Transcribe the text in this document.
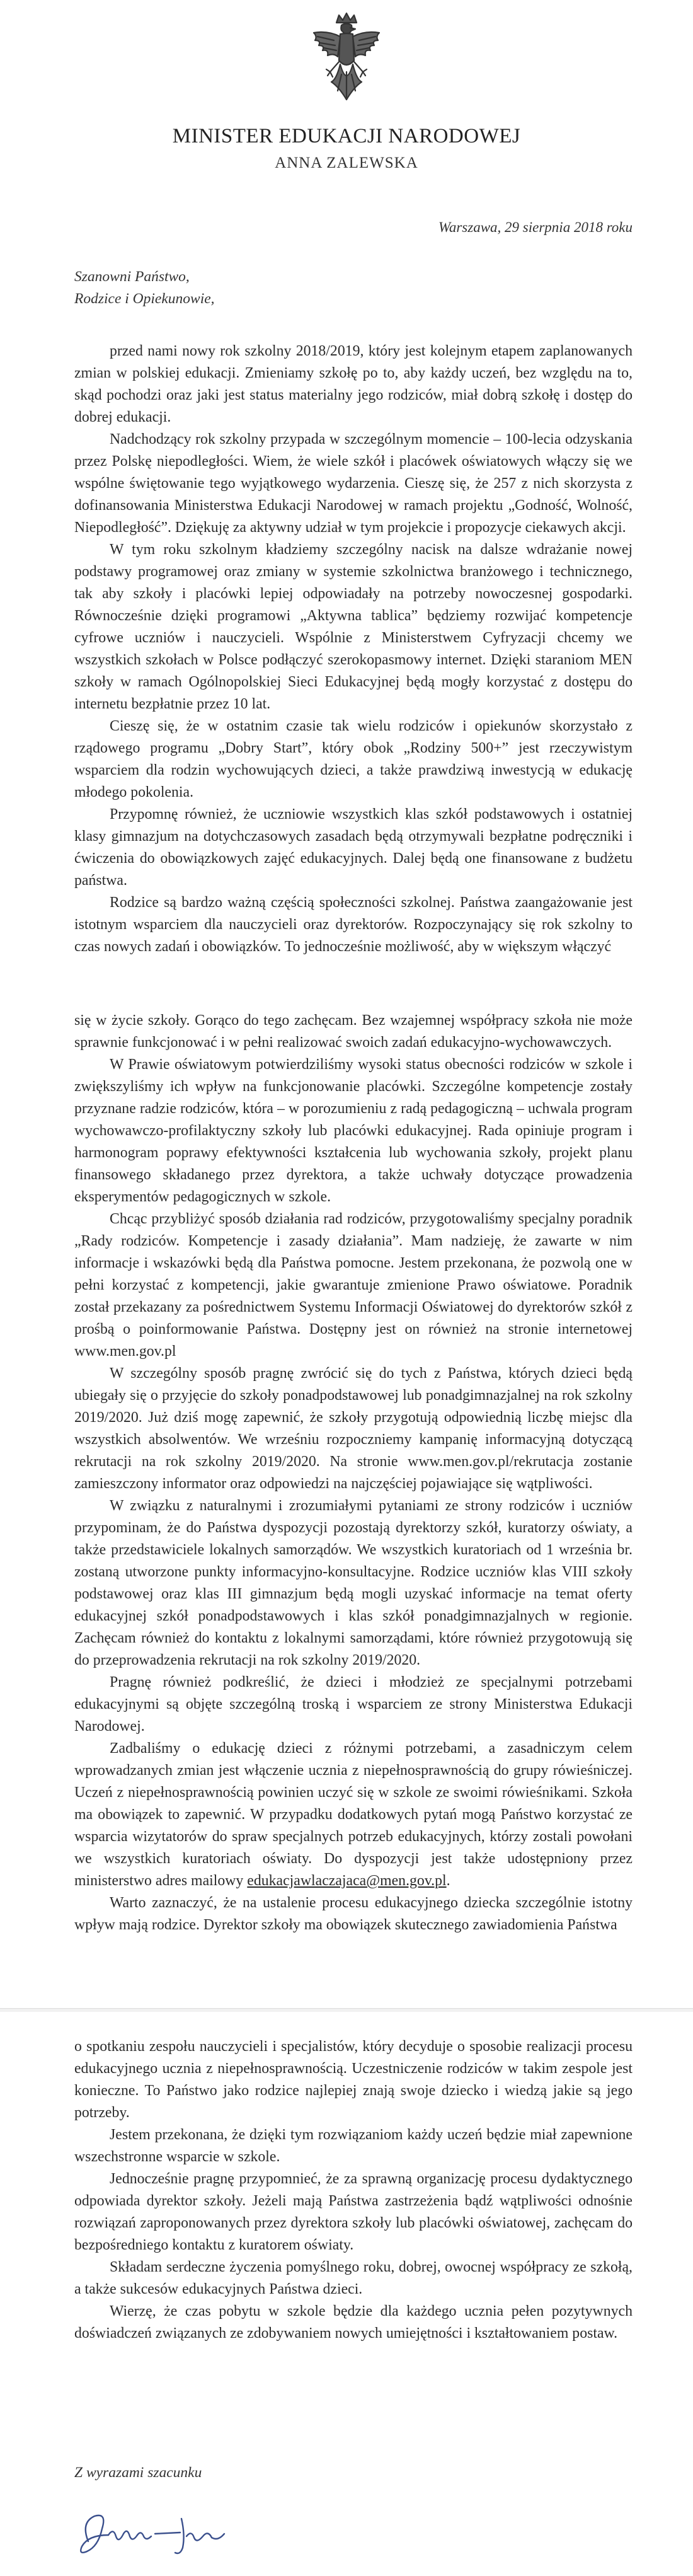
MINISTER EDUKACJI NARODOWEJ
ANNA ZALEWSKA
Warszawa, 29 sierpnia 2018 roku
Szanowni Państwo,
Rodzice i Opiekunowie,

przed nami nowy rok szkolny 2018/2019, który jest kolejnym etapem zaplanowanych zmian w polskiej edukacji. Zmieniamy szkołę po to, aby każdy uczeń, bez względu na to, skąd pochodzi oraz jaki jest status materialny jego rodziców, miał dobrą szkołę i dostęp do dobrej edukacji.

Nadchodzący rok szkolny przypada w szczególnym momencie – 100-lecia odzyskania przez Polskę niepodległości. Wiem, że wiele szkół i placówek oświatowych włączy się we wspólne świętowanie tego wyjątkowego wydarzenia. Cieszę się, że 257 z nich skorzysta z dofinansowania Ministerstwa Edukacji Narodowej w ramach projektu „Godność, Wolność, Niepodległość”. Dziękuję za aktywny udział w tym projekcie i propozycje ciekawych akcji.

W tym roku szkolnym kładziemy szczególny nacisk na dalsze wdrażanie nowej podstawy programowej oraz zmiany w systemie szkolnictwa branżowego i technicznego, tak aby szkoły i placówki lepiej odpowiadały na potrzeby nowoczesnej gospodarki. Równocześnie dzięki programowi „Aktywna tablica” będziemy rozwijać kompetencje cyfrowe uczniów i nauczycieli. Wspólnie z Ministerstwem Cyfryzacji chcemy we wszystkich szkołach w Polsce podłączyć szerokopasmowy internet. Dzięki staraniom MEN szkoły w ramach Ogólnopolskiej Sieci Edukacyjnej będą mogły korzystać z dostępu do internetu bezpłatnie przez 10 lat.

Cieszę się, że w ostatnim czasie tak wielu rodziców i opiekunów skorzystało z rządowego programu „Dobry Start”, który obok „Rodziny 500+” jest rzeczywistym wsparciem dla rodzin wychowujących dzieci, a także prawdziwą inwestycją w edukację młodego pokolenia.

Przypomnę również, że uczniowie wszystkich klas szkół podstawowych i ostatniej klasy gimnazjum na dotychczasowych zasadach będą otrzymywali bezpłatne podręczniki i ćwiczenia do obowiązkowych zajęć edukacyjnych. Dalej będą one finansowane z budżetu państwa.

Rodzice są bardzo ważną częścią społeczności szkolnej. Państwa zaangażowanie jest istotnym wsparciem dla nauczycieli oraz dyrektorów. Rozpoczynający się rok szkolny to czas nowych zadań i obowiązków. To jednocześnie możliwość, aby w większym włączyć

się w życie szkoły. Gorąco do tego zachęcam. Bez wzajemnej współpracy szkoła nie może sprawnie funkcjonować i w pełni realizować swoich zadań edukacyjno-wychowawczych.

W Prawie oświatowym potwierdziliśmy wysoki status obecności rodziców w szkole i zwiększyliśmy ich wpływ na funkcjonowanie placówki. Szczególne kompetencje zostały przyznane radzie rodziców, która – w porozumieniu z radą pedagogiczną – uchwala program wychowawczo-profilaktyczny szkoły lub placówki edukacyjnej. Rada opiniuje program i harmonogram poprawy efektywności kształcenia lub wychowania szkoły, projekt planu finansowego składanego przez dyrektora, a także uchwały dotyczące prowadzenia eksperymentów pedagogicznych w szkole.

Chcąc przybliżyć sposób działania rad rodziców, przygotowaliśmy specjalny poradnik „Rady rodziców. Kompetencje i zasady działania”. Mam nadzieję, że zawarte w nim informacje i wskazówki będą dla Państwa pomocne. Jestem przekonana, że pozwolą one w pełni korzystać z kompetencji, jakie gwarantuje zmienione Prawo oświatowe. Poradnik został przekazany za pośrednictwem Systemu Informacji Oświatowej do dyrektorów szkół z prośbą o poinformowanie Państwa. Dostępny jest on również na stronie internetowej www.men.gov.pl

W szczególny sposób pragnę zwrócić się do tych z Państwa, których dzieci będą ubiegały się o przyjęcie do szkoły ponadpodstawowej lub ponadgimnazjalnej na rok szkolny 2019/2020. Już dziś mogę zapewnić, że szkoły przygotują odpowiednią liczbę miejsc dla wszystkich absolwentów. We wrześniu rozpoczniemy kampanię informacyjną dotyczącą rekrutacji na rok szkolny 2019/2020. Na stronie www.men.gov.pl/rekrutacja zostanie zamieszczony informator oraz odpowiedzi na najczęściej pojawiające się wątpliwości.

W związku z naturalnymi i zrozumiałymi pytaniami ze strony rodziców i uczniów przypominam, że do Państwa dyspozycji pozostają dyrektorzy szkół, kuratorzy oświaty, a także przedstawiciele lokalnych samorządów. We wszystkich kuratoriach od 1 września br. zostaną utworzone punkty informacyjno-konsultacyjne. Rodzice uczniów klas VIII szkoły podstawowej oraz klas III gimnazjum będą mogli uzyskać informacje na temat oferty edukacyjnej szkół ponadpodstawowych i klas szkół ponadgimnazjalnych w regionie. Zachęcam również do kontaktu z lokalnymi samorządami, które również przygotowują się do przeprowadzenia rekrutacji na rok szkolny 2019/2020.

Pragnę również podkreślić, że dzieci i młodzież ze specjalnymi potrzebami edukacyjnymi są objęte szczególną troską i wsparciem ze strony Ministerstwa Edukacji Narodowej.

Zadbaliśmy o edukację dzieci z różnymi potrzebami, a zasadniczym celem wprowadzanych zmian jest włączenie ucznia z niepełnosprawnością do grupy rówieśniczej. Uczeń z niepełnosprawnością powinien uczyć się w szkole ze swoimi rówieśnikami. Szkoła ma obowiązek to zapewnić. W przypadku dodatkowych pytań mogą Państwo korzystać ze wsparcia wizytatorów do spraw specjalnych potrzeb edukacyjnych, którzy zostali powołani we wszystkich kuratoriach oświaty. Do dyspozycji jest także udostępniony przez ministerstwo adres mailowy edukacjawlaczajaca@men.gov.pl.

Warto zaznaczyć, że na ustalenie procesu edukacyjnego dziecka szczególnie istotny wpływ mają rodzice. Dyrektor szkoły ma obowiązek skutecznego zawiadomienia Państwa

o spotkaniu zespołu nauczycieli i specjalistów, który decyduje o sposobie realizacji procesu edukacyjnego ucznia z niepełnosprawnością. Uczestniczenie rodziców w takim zespole jest konieczne. To Państwo jako rodzice najlepiej znają swoje dziecko i wiedzą jakie są jego potrzeby.

Jestem przekonana, że dzięki tym rozwiązaniom każdy uczeń będzie miał zapewnione wszechstronne wsparcie w szkole.

Jednocześnie pragnę przypomnieć, że za sprawną organizację procesu dydaktycznego odpowiada dyrektor szkoły. Jeżeli mają Państwa zastrzeżenia bądź wątpliwości odnośnie rozwiązań zaproponowanych przez dyrektora szkoły lub placówki oświatowej, zachęcam do bezpośredniego kontaktu z kuratorem oświaty.

Składam serdeczne życzenia pomyślnego roku, dobrej, owocnej współpracy ze szkołą, a także sukcesów edukacyjnych Państwa dzieci.

Wierzę, że czas pobytu w szkole będzie dla każdego ucznia pełen pozytywnych doświadczeń związanych ze zdobywaniem nowych umiejętności i kształtowaniem postaw.

Z wyrazami szacunku
